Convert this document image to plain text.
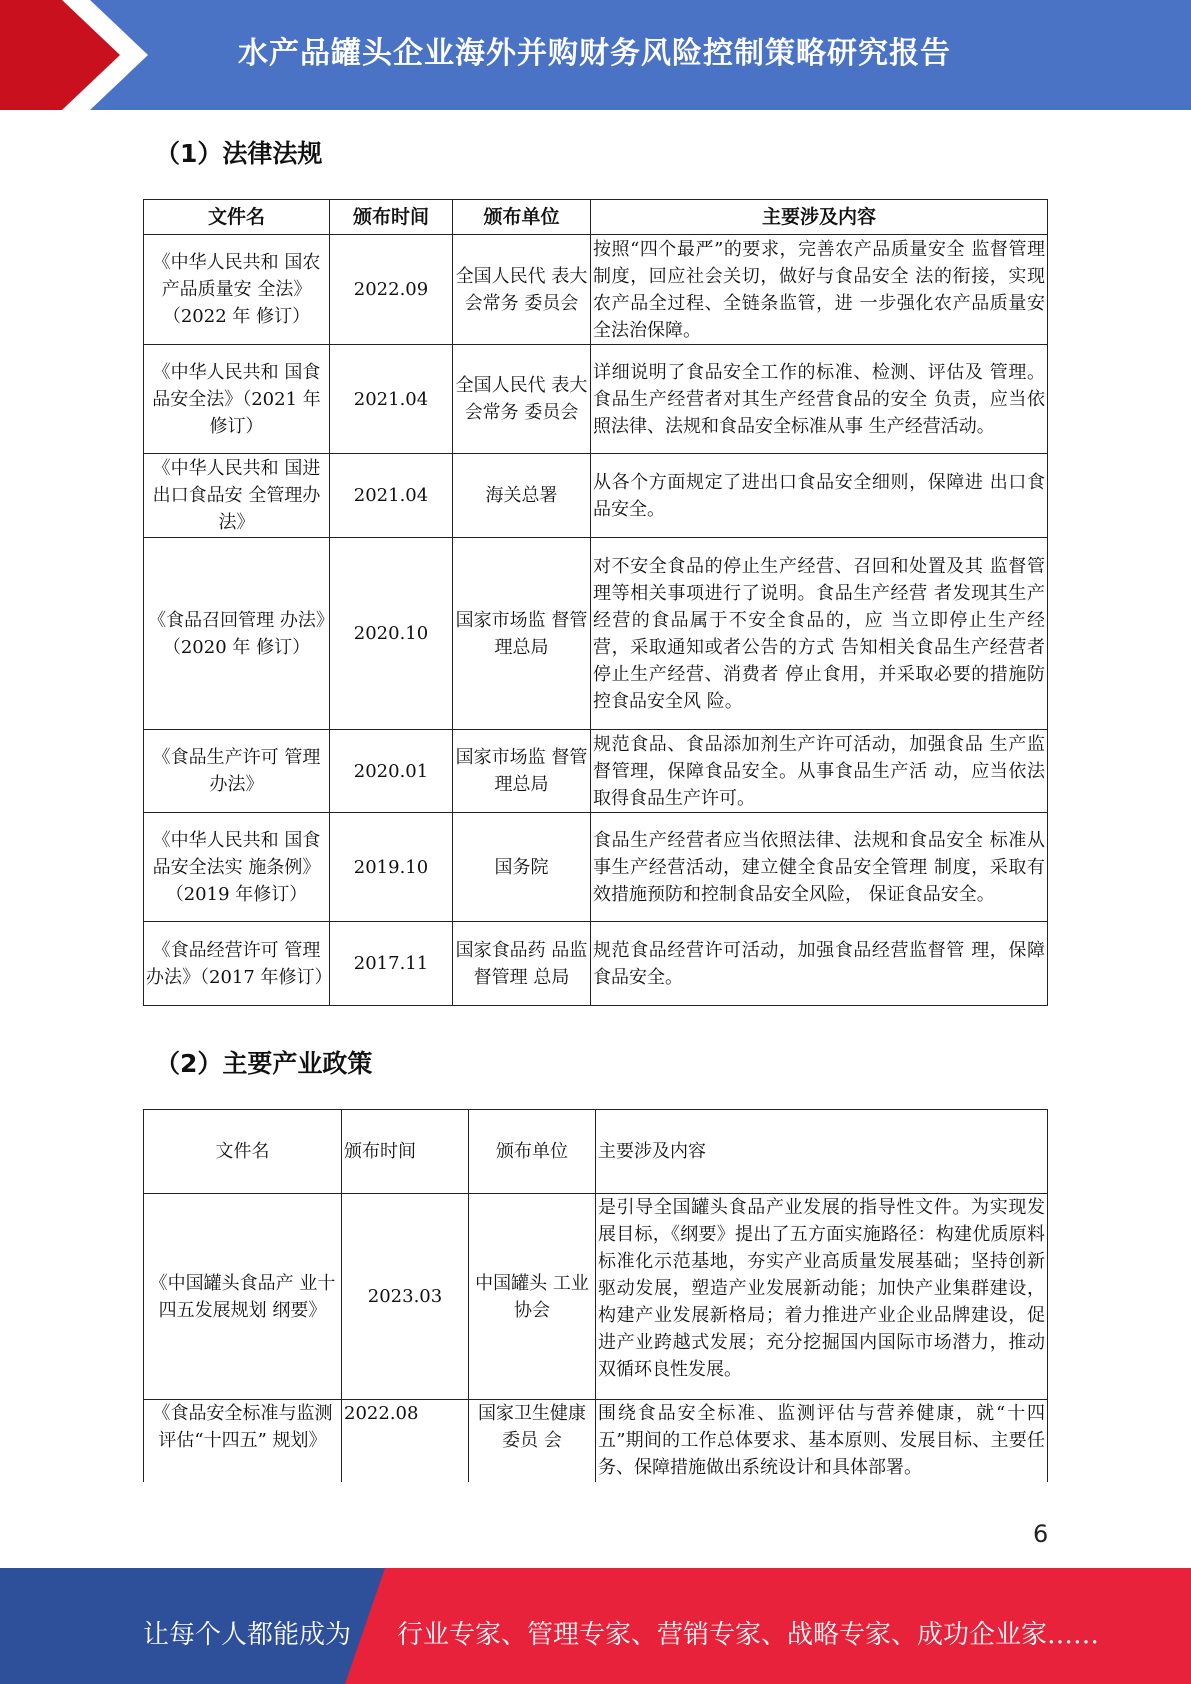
水产品罐头企业海外并购财务风险控制策略研究报告
（1）法律法规
文件名	颁布时间	颁布单位	主要涉及内容
《中华人民共和 国农产品质量安 全法》（2022 年 修订）	2022.09	全国人民代 表大会常务 委员会	按照“四个最严”的要求，完善农产品质量安全 监督管理制度，回应社会关切，做好与食品安全 法的衔接，实现农产品全过程、全链条监管，进 一步强化农产品质量安全法治保障。
《中华人民共和 国食品安全法》（2021 年修订）	2021.04	全国人民代 表大会常务 委员会	详细说明了食品安全工作的标准、检测、评估及 管理。食品生产经营者对其生产经营食品的安全 负责，应当依照法律、法规和食品安全标准从事 生产经营活动。
《中华人民共和 国进出口食品安 全管理办法》	2021.04	海关总署	从各个方面规定了进出口食品安全细则，保障进 出口食品安全。
《食品召回管理 办法》（2020 年 修订）	2020.10	国家市场监 督管理总局	对不安全食品的停止生产经营、召回和处置及其 监督管理等相关事项进行了说明。食品生产经营 者发现其生产经营的食品属于不安全食品的，应 当立即停止生产经营，采取通知或者公告的方式 告知相关食品生产经营者停止生产经营、消费者 停止食用，并采取必要的措施防控食品安全风 险。
《食品生产许可 管理办法》	2020.01	国家市场监 督管理总局	规范食品、食品添加剂生产许可活动，加强食品 生产监督管理，保障食品安全。从事食品生产活 动，应当依法取得食品生产许可。
《中华人民共和 国食品安全法实 施条例》（2019 年修订）	2019.10	国务院	食品生产经营者应当依照法律、法规和食品安全 标准从事生产经营活动，建立健全食品安全管理 制度，采取有效措施预防和控制食品安全风险， 保证食品安全。
《食品经营许可 管理办法》（2017 年修订）	2017.11	国家食品药 品监督管理 总局	规范食品经营许可活动，加强食品经营监督管 理，保障食品安全。
（2）主要产业政策
文件名	颁布时间	颁布单位	主要涉及内容
《中国罐头食品产 业十四五发展规划 纲要》	2023.03	中国罐头 工业协会	是引导全国罐头食品产业发展的指导性文件。为实现发展目标，《纲要》提出了五方面实施路径：构建优质原料标准化示范基地，夯实产业高质量发展基础；坚持创新驱动发展，塑造产业发展新动能；加快产业集群建设，构建产业发展新格局；着力推进产业企业品牌建设，促进产业跨越式发展；充分挖掘国内国际市场潜力，推动双循环良性发展。
《食品安全标准与监测评估“十四五” 规划》	2022.08	国家卫生健康委员 会	围绕食品安全标准、监测评估与营养健康，就“十四五”期间的工作总体要求、基本原则、发展目标、主要任务、保障措施做出系统设计和具体部署。
6
让每个人都能成为 行业专家、管理专家、营销专家、战略专家、成功企业家……
